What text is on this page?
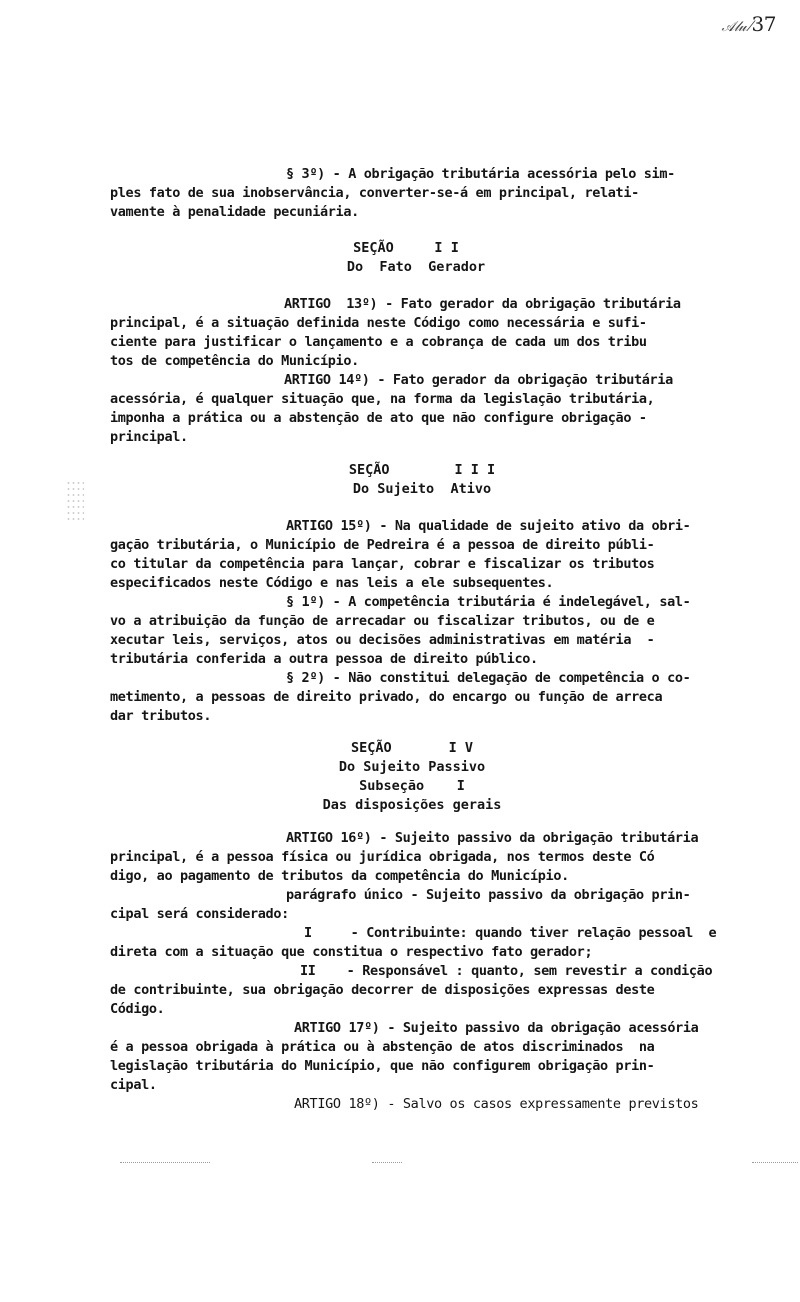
𝒜𝓁𝓊 ⁄37
§ 3º) - A obrigação tributária acessória pelo sim-
ples fato de sua inobservância, converter-se-á em principal, relati-
vamente à penalidade pecuniária.
SEÇÃO     I I
Do  Fato  Gerador
ARTIGO  13º) - Fato gerador da obrigação tributária
principal, é a situação definida neste Código como necessária e sufi-
ciente para justificar o lançamento e a cobrança de cada um dos tribu
tos de competência do Município.
ARTIGO 14º) - Fato gerador da obrigação tributária
acessória, é qualquer situação que, na forma da legislação tributária,
imponha a prática ou a abstenção de ato que não configure obrigação -
principal.
SEÇÃO        I I I
Do Sujeito  Ativo
ARTIGO 15º) - Na qualidade de sujeito ativo da obri-
gação tributária, o Município de Pedreira é a pessoa de direito públi-
co titular da competência para lançar, cobrar e fiscalizar os tributos
especificados neste Código e nas leis a ele subsequentes.
§ 1º) - A competência tributária é indelegável, sal-
vo a atribuição da função de arrecadar ou fiscalizar tributos, ou de e
xecutar leis, serviços, atos ou decisões administrativas em matéria  -
tributária conferida a outra pessoa de direito público.
§ 2º) - Não constitui delegação de competência o co-
metimento, a pessoas de direito privado, do encargo ou função de arreca
dar tributos.
SEÇÃO       I V
Do Sujeito Passivo
Subseção    I
Das disposições gerais
ARTIGO 16º) - Sujeito passivo da obrigação tributária
principal, é a pessoa física ou jurídica obrigada, nos termos deste Có
digo, ao pagamento de tributos da competência do Município.
parágrafo único - Sujeito passivo da obrigação prin-
cipal será considerado:
I     - Contribuinte: quando tiver relação pessoal  e
direta com a situação que constitua o respectivo fato gerador;
II    - Responsável : quanto, sem revestir a condição
de contribuinte, sua obrigação decorrer de disposições expressas deste
Código.
ARTIGO 17º) - Sujeito passivo da obrigação acessória
é a pessoa obrigada à prática ou à abstenção de atos discriminados  na
legislação tributária do Município, que não configurem obrigação prin-
cipal.
ARTIGO 18º) - Salvo os casos expressamente previstos
